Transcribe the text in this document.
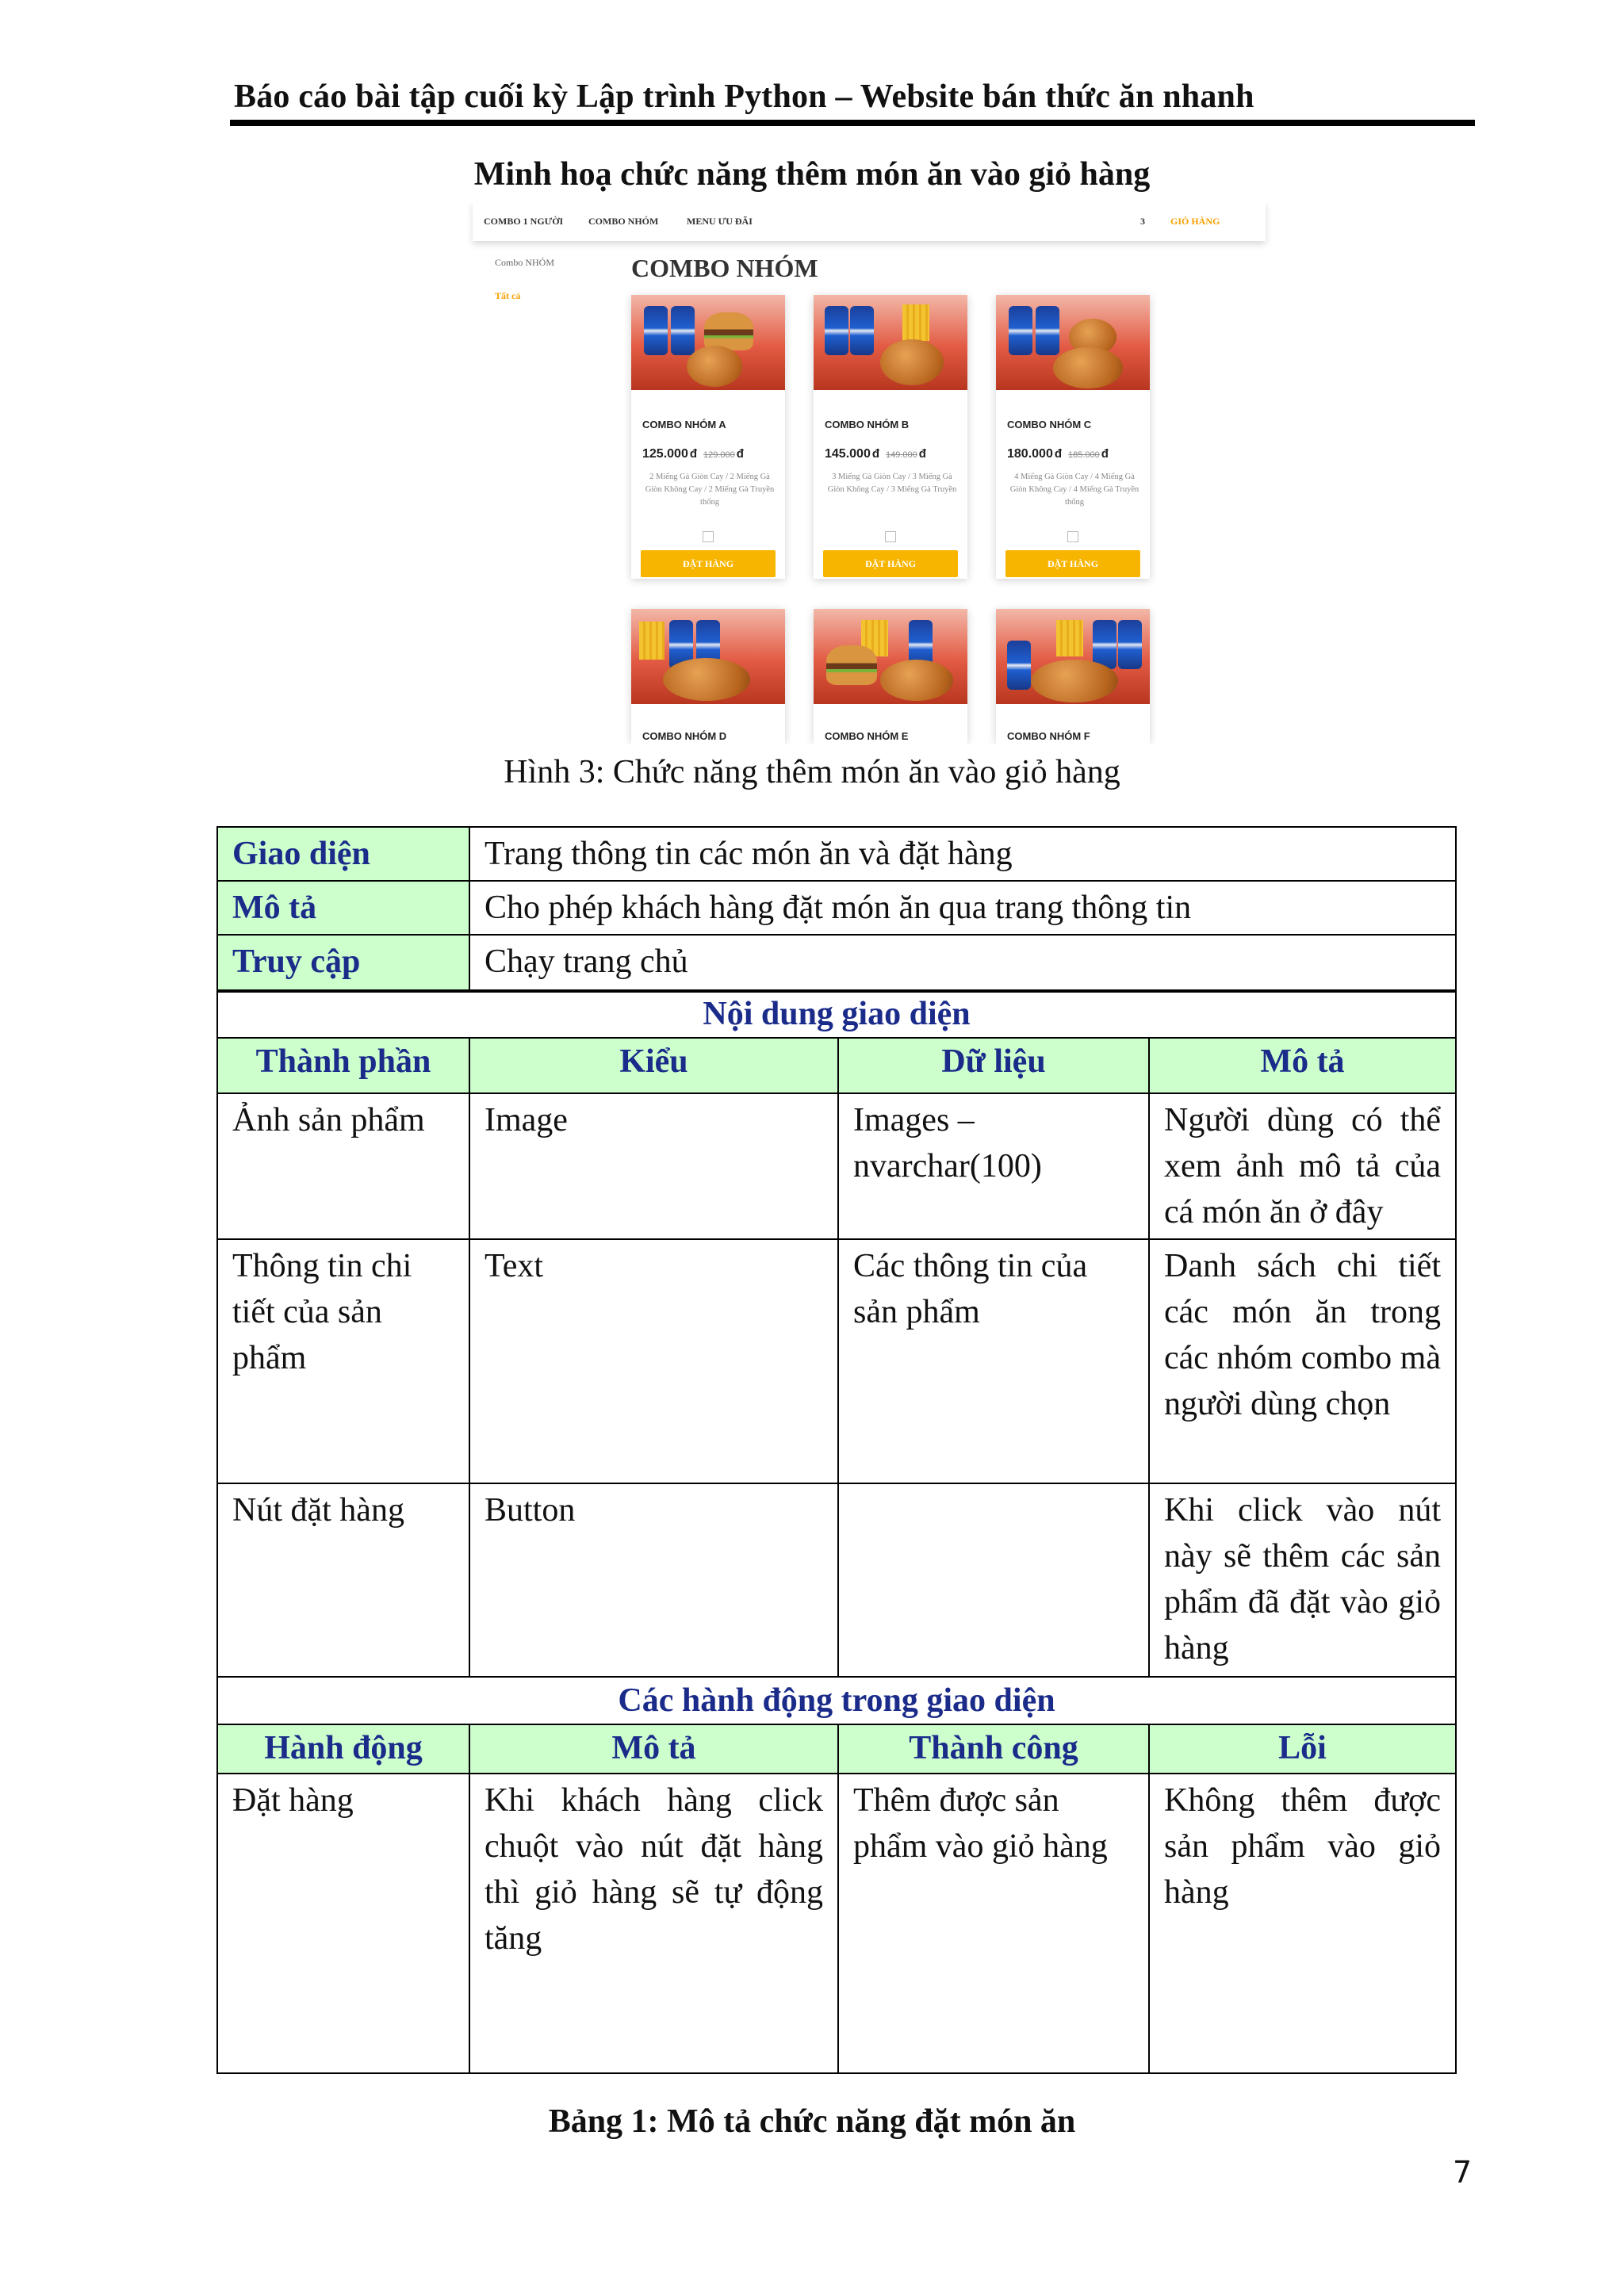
Báo cáo bài tập cuối kỳ Lập trình Python – Website bán thức ăn nhanh
Minh hoạ chức năng thêm món ăn vào giỏ hàng
COMBO 1 NGƯỜI	COMBO NHÓM	MENU ƯU ĐÃI	3	GIỎ HÀNG
Combo NHÓM
Tất cả
COMBO NHÓM
COMBO NHÓM A
125.000 đ 129.000 đ
2 Miếng Gà Giòn Cay / 2 Miếng Gà Giòn Không Cay / 2 Miếng Gà Truyền thống
ĐẶT HÀNG
COMBO NHÓM B
145.000 đ 149.000 đ
3 Miếng Gà Giòn Cay / 3 Miếng Gà Giòn Không Cay / 3 Miếng Gà Truyền
ĐẶT HÀNG
COMBO NHÓM C
180.000 đ 185.000 đ
4 Miếng Gà Giòn Cay / 4 Miếng Gà Giòn Không Cay / 4 Miếng Gà Truyền thống
ĐẶT HÀNG
COMBO NHÓM D	COMBO NHÓM E	COMBO NHÓM F
Hình 3: Chức năng thêm món ăn vào giỏ hàng
Giao diện	Trang thông tin các món ăn và đặt hàng
Mô tả	Cho phép khách hàng đặt món ăn qua trang thông tin
Truy cập	Chạy trang chủ
Nội dung giao diện			
Thành phần	Kiểu	Dữ liệu	Mô tả
Ảnh sản phẩm	Image	Images – nvarchar(100)	Người dùng có thể xem ảnh mô tả của cá món ăn ở đây
Thông tin chi tiết của sản phẩm	Text	Các thông tin của sản phẩm	Danh sách chi tiết các món ăn trong các nhóm combo mà người dùng chọn
Nút đặt hàng	Button		Khi click vào nút này sẽ thêm các sản phẩm đã đặt vào giỏ hàng
Các hành động trong giao diện			
Hành động	Mô tả	Thành công	Lỗi
Đặt hàng	Khi khách hàng click chuột vào nút đặt hàng thì giỏ hàng sẽ tự động tăng	Thêm được sản phẩm vào giỏ hàng	Không thêm được sản phẩm vào giỏ hàng
Bảng 1: Mô tả chức năng đặt món ăn
7
